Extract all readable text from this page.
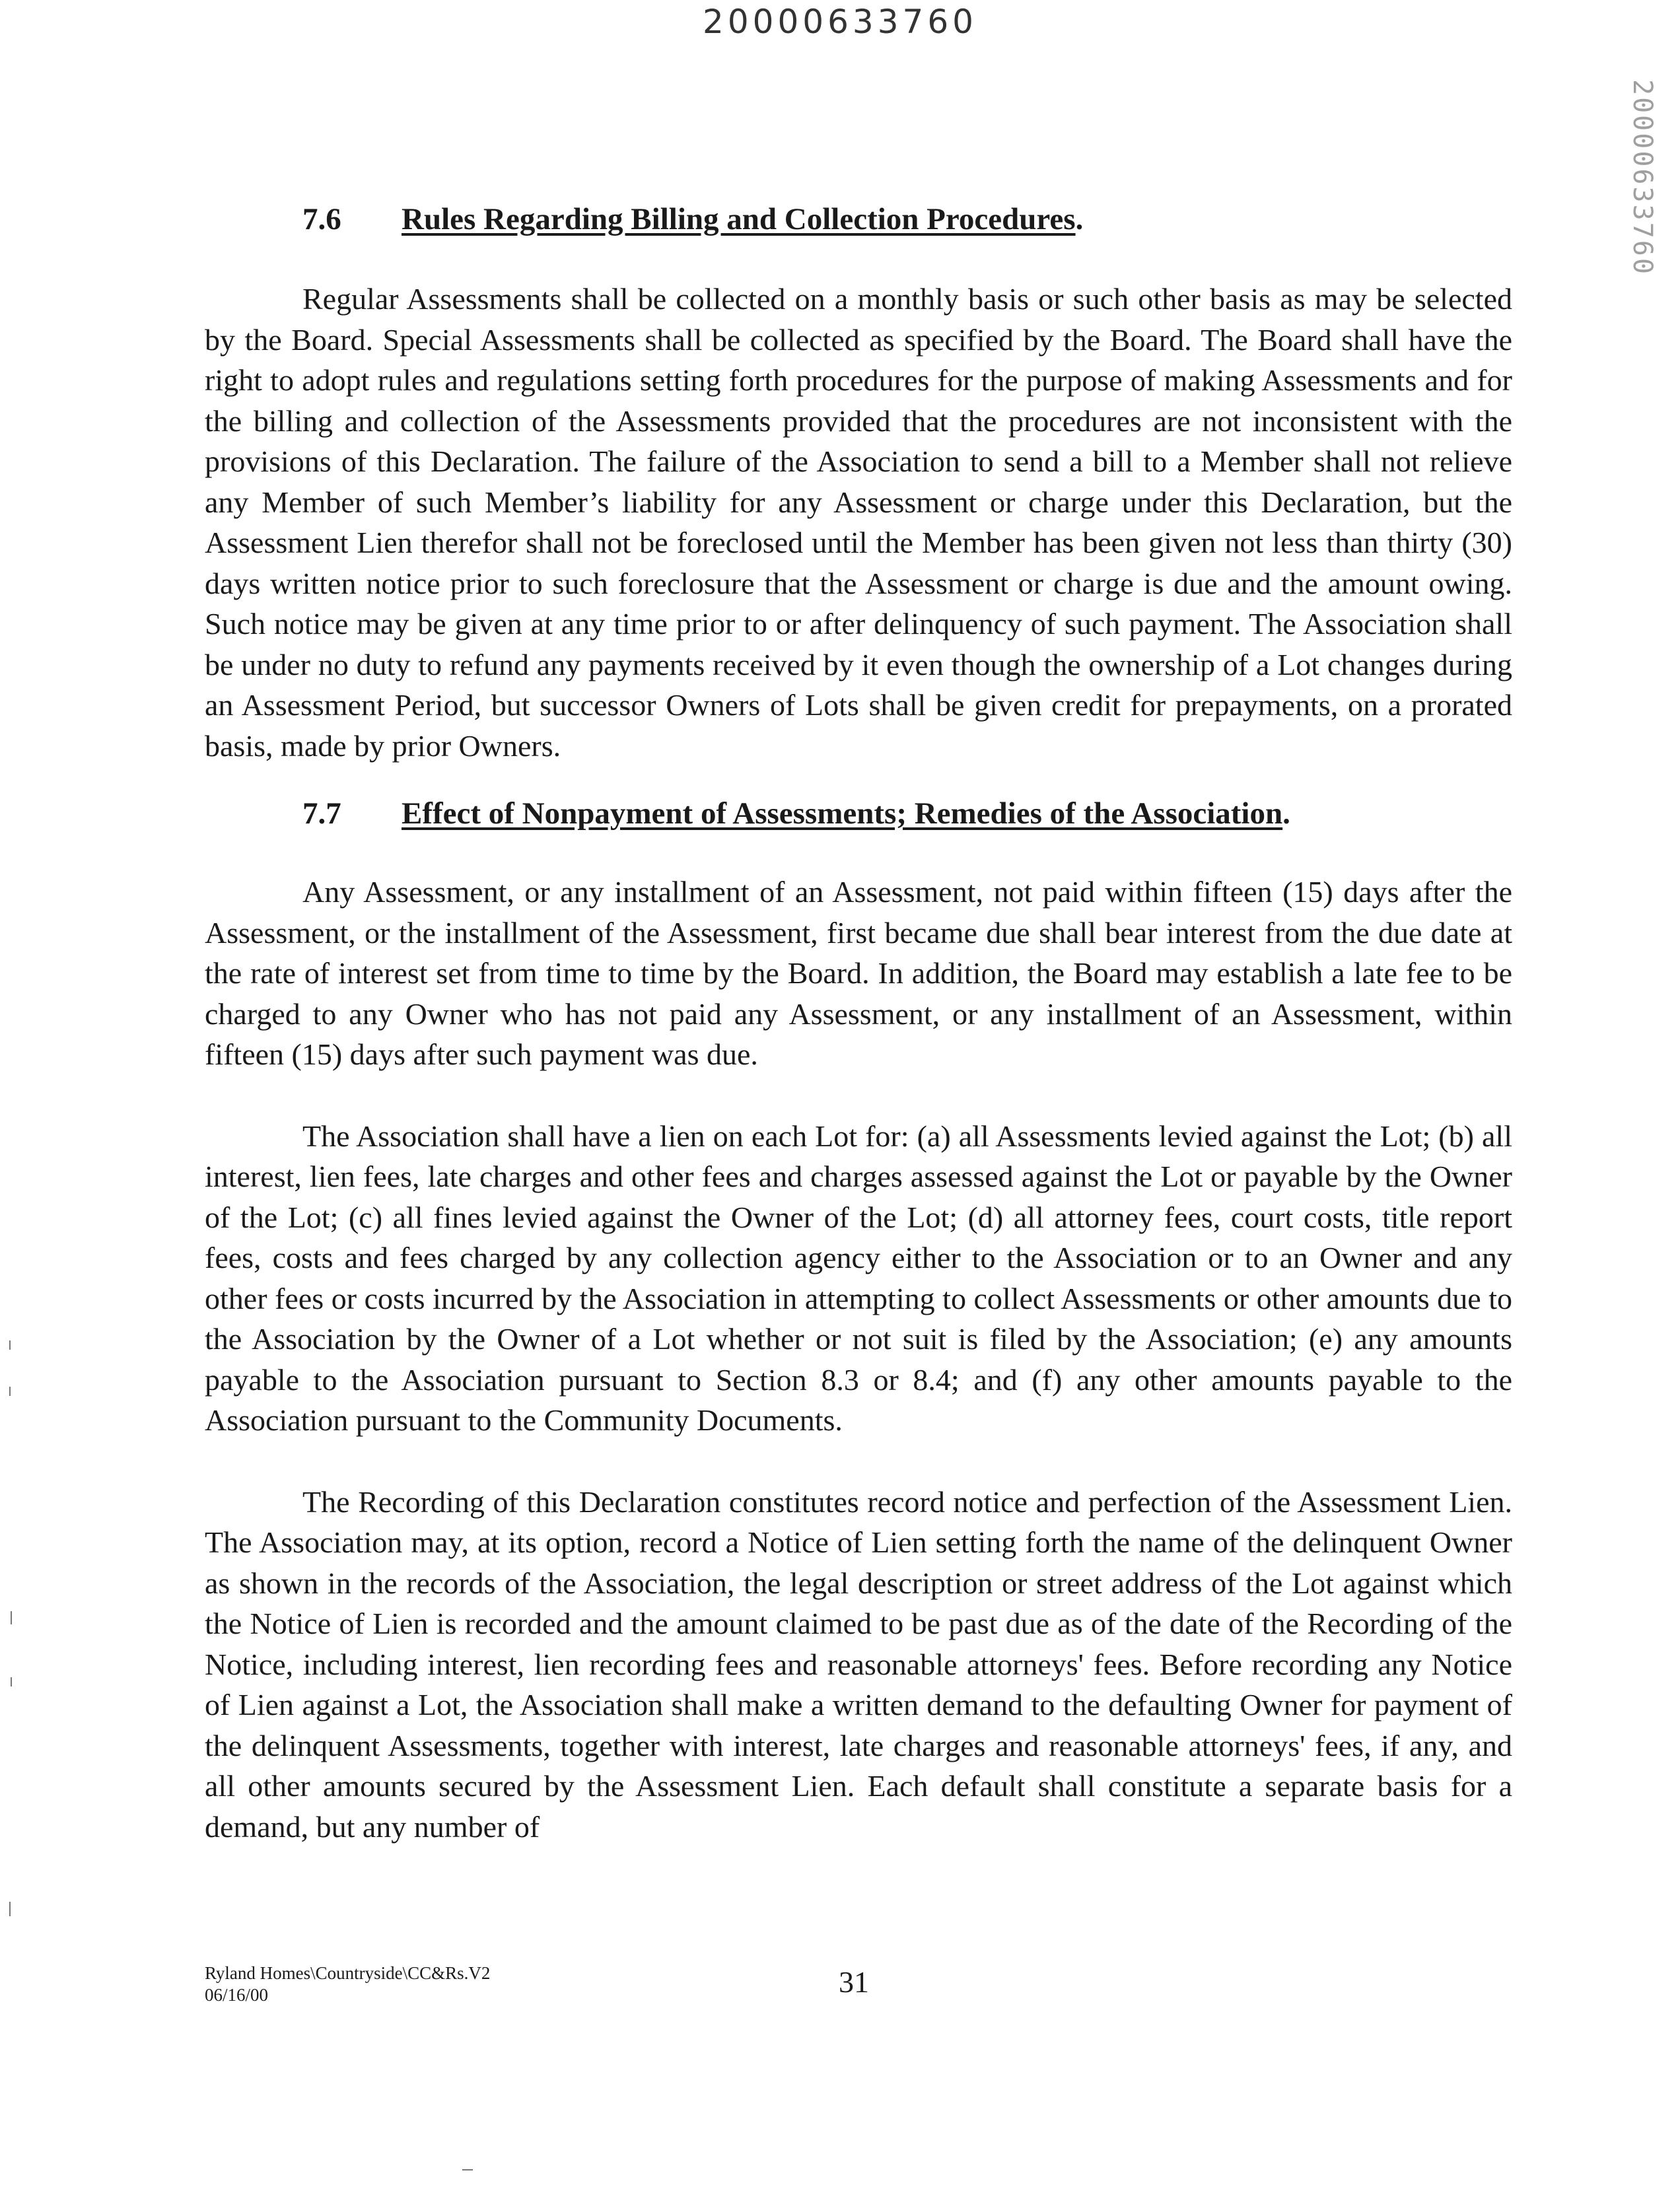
20000633760
20000633760
7.6 Rules Regarding Billing and Collection Procedures.

Regular Assessments shall be collected on a monthly basis or such other basis as may be selected by the Board. Special Assessments shall be collected as specified by the Board. The Board shall have the right to adopt rules and regulations setting forth procedures for the purpose of making Assessments and for the billing and collection of the Assessments provided that the procedures are not inconsistent with the provisions of this Declaration. The failure of the Association to send a bill to a Member shall not relieve any Member of such Member’s liability for any Assessment or charge under this Declaration, but the Assessment Lien therefor shall not be foreclosed until the Member has been given not less than thirty (30) days written notice prior to such foreclosure that the Assessment or charge is due and the amount owing. Such notice may be given at any time prior to or after delinquency of such payment. The Association shall be under no duty to refund any payments received by it even though the ownership of a Lot changes during an Assessment Period, but successor Owners of Lots shall be given credit for prepayments, on a prorated basis, made by prior Owners.

7.7 Effect of Nonpayment of Assessments; Remedies of the Association.

Any Assessment, or any installment of an Assessment, not paid within fifteen (15) days after the Assessment, or the installment of the Assessment, first became due shall bear interest from the due date at the rate of interest set from time to time by the Board. In addition, the Board may establish a late fee to be charged to any Owner who has not paid any Assessment, or any installment of an Assessment, within fifteen (15) days after such payment was due.

The Association shall have a lien on each Lot for: (a) all Assessments levied against the Lot; (b) all interest, lien fees, late charges and other fees and charges assessed against the Lot or payable by the Owner of the Lot; (c) all fines levied against the Owner of the Lot; (d) all attorney fees, court costs, title report fees, costs and fees charged by any collection agency either to the Association or to an Owner and any other fees or costs incurred by the Association in attempting to collect Assessments or other amounts due to the Association by the Owner of a Lot whether or not suit is filed by the Association; (e) any amounts payable to the Association pursuant to Section 8.3 or 8.4; and (f) any other amounts payable to the Association pursuant to the Community Documents.

The Recording of this Declaration constitutes record notice and perfection of the Assessment Lien. The Association may, at its option, record a Notice of Lien setting forth the name of the delinquent Owner as shown in the records of the Association, the legal description or street address of the Lot against which the Notice of Lien is recorded and the amount claimed to be past due as of the date of the Recording of the Notice, including interest, lien recording fees and reasonable attorneys' fees. Before recording any Notice of Lien against a Lot, the Association shall make a written demand to the defaulting Owner for payment of the delinquent Assessments, together with interest, late charges and reasonable attorneys' fees, if any, and all other amounts secured by the Assessment Lien. Each default shall constitute a separate basis for a demand, but any number of

Ryland Homes\Countryside\CC&Rs.V2
06/16/00	31
